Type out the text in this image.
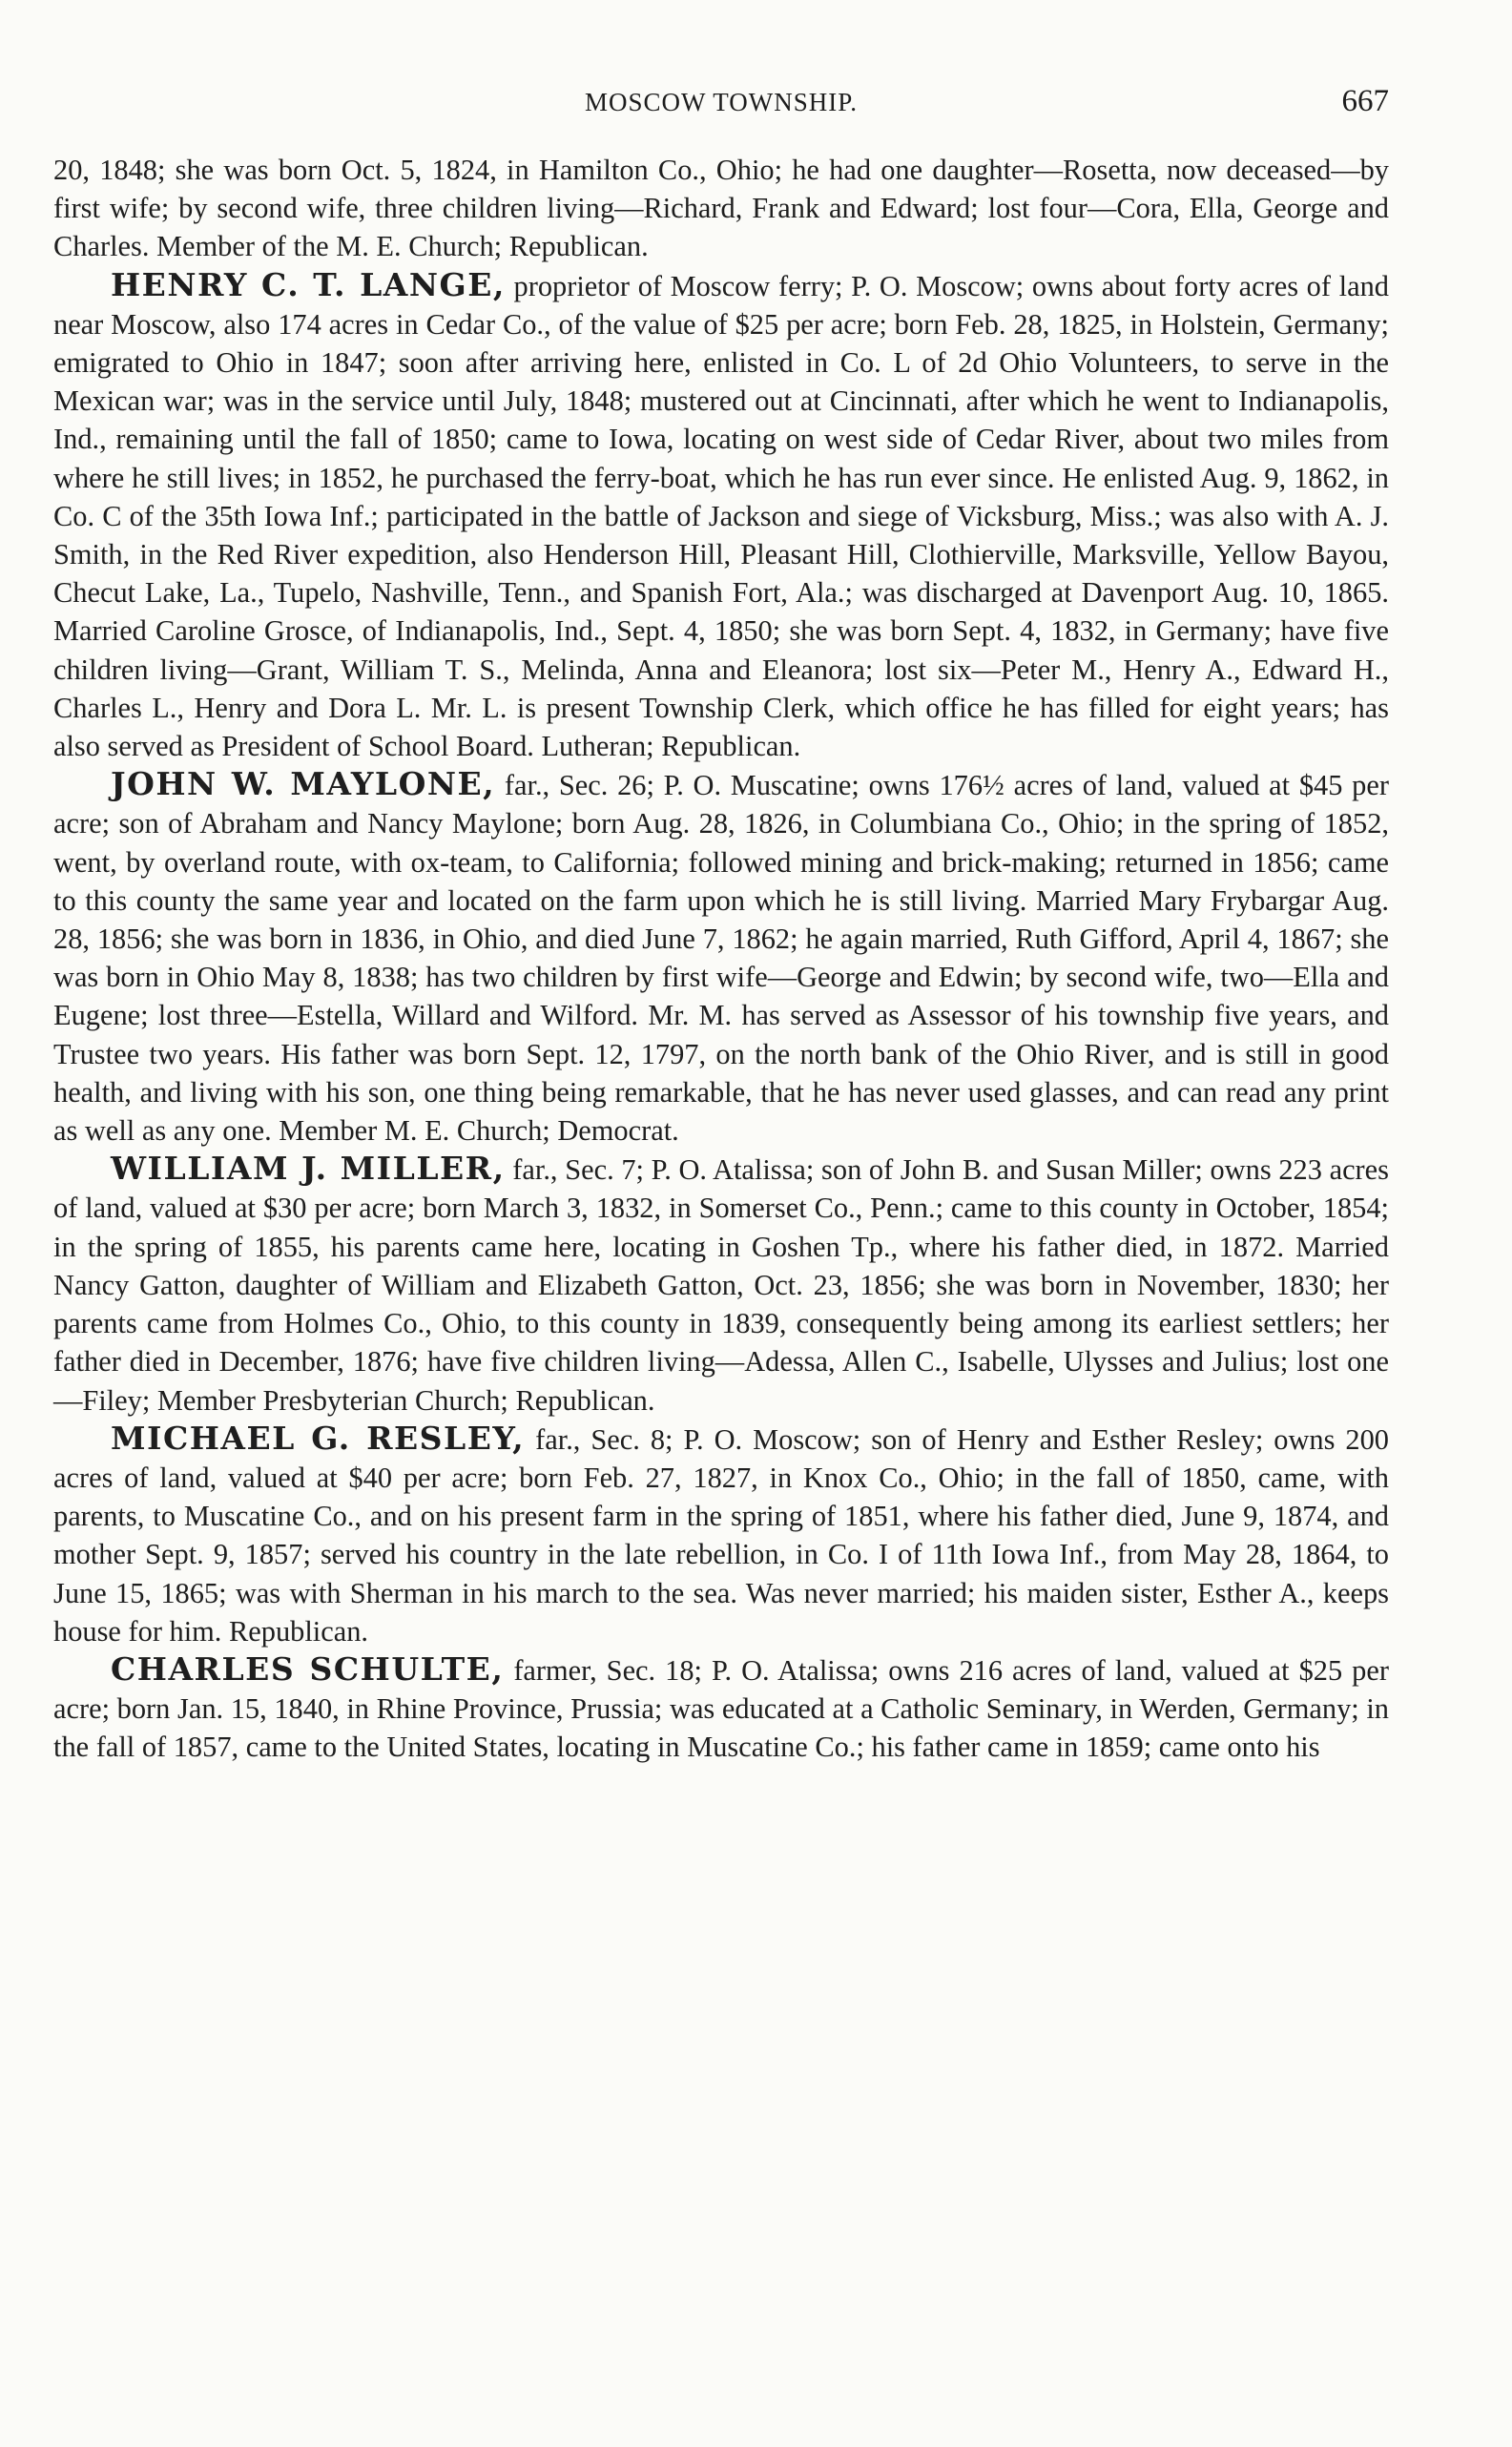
MOSCOW TOWNSHIP.	667

20, 1848; she was born Oct. 5, 1824, in Hamilton Co., Ohio; he had one daughter—Rosetta, now deceased—by first wife; by second wife, three children living—Richard, Frank and Edward; lost four—Cora, Ella, George and Charles. Member of the M. E. Church; Republican.

HENRY C. T. LANGE, proprietor of Moscow ferry; P. O. Moscow; owns about forty acres of land near Moscow, also 174 acres in Cedar Co., of the value of $25 per acre; born Feb. 28, 1825, in Holstein, Germany; emigrated to Ohio in 1847; soon after arriving here, enlisted in Co. L of 2d Ohio Volunteers, to serve in the Mexican war; was in the service until July, 1848; mustered out at Cincinnati, after which he went to Indianapolis, Ind., remaining until the fall of 1850; came to Iowa, locating on west side of Cedar River, about two miles from where he still lives; in 1852, he purchased the ferry-boat, which he has run ever since. He enlisted Aug. 9, 1862, in Co. C of the 35th Iowa Inf.; participated in the battle of Jackson and siege of Vicksburg, Miss.; was also with A. J. Smith, in the Red River expedition, also Henderson Hill, Pleasant Hill, Clothierville, Marksville, Yellow Bayou, Checut Lake, La., Tupelo, Nashville, Tenn., and Spanish Fort, Ala.; was discharged at Davenport Aug. 10, 1865. Married Caroline Grosce, of Indianapolis, Ind., Sept. 4, 1850; she was born Sept. 4, 1832, in Germany; have five children living—Grant, William T. S., Melinda, Anna and Eleanora; lost six—Peter M., Henry A., Edward H., Charles L., Henry and Dora L. Mr. L. is present Township Clerk, which office he has filled for eight years; has also served as President of School Board. Lutheran; Republican.

JOHN W. MAYLONE, far., Sec. 26; P. O. Muscatine; owns 176½ acres of land, valued at $45 per acre; son of Abraham and Nancy Maylone; born Aug. 28, 1826, in Columbiana Co., Ohio; in the spring of 1852, went, by overland route, with ox-team, to California; followed mining and brick-making; returned in 1856; came to this county the same year and located on the farm upon which he is still living. Married Mary Frybargar Aug. 28, 1856; she was born in 1836, in Ohio, and died June 7, 1862; he again married, Ruth Gifford, April 4, 1867; she was born in Ohio May 8, 1838; has two children by first wife—George and Edwin; by second wife, two—Ella and Eugene; lost three—Estella, Willard and Wilford. Mr. M. has served as Assessor of his township five years, and Trustee two years. His father was born Sept. 12, 1797, on the north bank of the Ohio River, and is still in good health, and living with his son, one thing being remarkable, that he has never used glasses, and can read any print as well as any one. Member M. E. Church; Democrat.

WILLIAM J. MILLER, far., Sec. 7; P. O. Atalissa; son of John B. and Susan Miller; owns 223 acres of land, valued at $30 per acre; born March 3, 1832, in Somerset Co., Penn.; came to this county in October, 1854; in the spring of 1855, his parents came here, locating in Goshen Tp., where his father died, in 1872. Married Nancy Gatton, daughter of William and Elizabeth Gatton, Oct. 23, 1856; she was born in November, 1830; her parents came from Holmes Co., Ohio, to this county in 1839, consequently being among its earliest settlers; her father died in December, 1876; have five children living—Adessa, Allen C., Isabelle, Ulysses and Julius; lost one—Filey; Member Presbyterian Church; Republican.

MICHAEL G. RESLEY, far., Sec. 8; P. O. Moscow; son of Henry and Esther Resley; owns 200 acres of land, valued at $40 per acre; born Feb. 27, 1827, in Knox Co., Ohio; in the fall of 1850, came, with parents, to Muscatine Co., and on his present farm in the spring of 1851, where his father died, June 9, 1874, and mother Sept. 9, 1857; served his country in the late rebellion, in Co. I of 11th Iowa Inf., from May 28, 1864, to June 15, 1865; was with Sherman in his march to the sea. Was never married; his maiden sister, Esther A., keeps house for him. Republican.

CHARLES SCHULTE, farmer, Sec. 18; P. O. Atalissa; owns 216 acres of land, valued at $25 per acre; born Jan. 15, 1840, in Rhine Province, Prussia; was educated at a Catholic Seminary, in Werden, Germany; in the fall of 1857, came to the United States, locating in Muscatine Co.; his father came in 1859; came onto his
